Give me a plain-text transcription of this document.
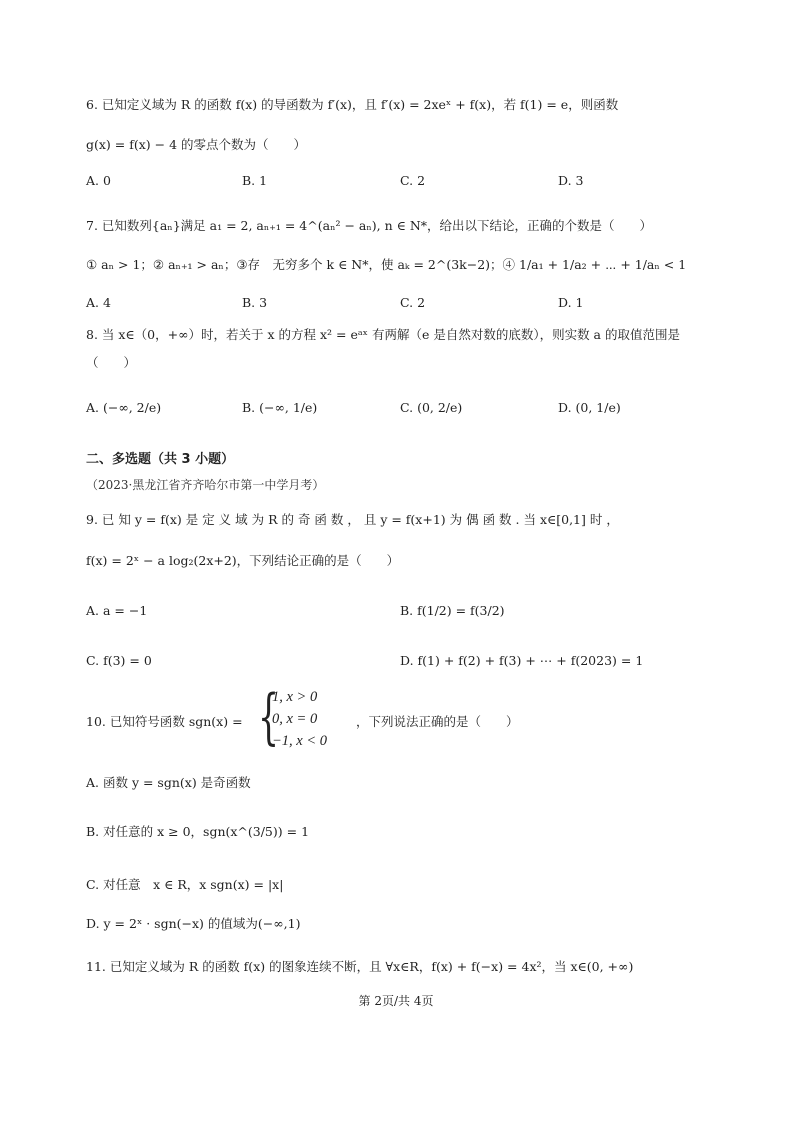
6. 已知定义域为 R 的函数 f(x) 的导函数为 f′(x)，且 f′(x) = 2xeˣ + f(x)，若 f(1) = e，则函数
g(x) = f(x) − 4 的零点个数为（　　）
A. 0	B. 1	C. 2	D. 3
7. 已知数列{aₙ}满足 a₁ = 2, aₙ₊₁ = 4^(aₙ² − aₙ), n ∈ N*，给出以下结论，正确的个数是（　　）
① aₙ > 1；② aₙ₊₁ > aₙ；③存　无穷多个 k ∈ N*，使 aₖ = 2^(3k−2)；④ 1/a₁ + 1/a₂ + ⋯ + 1/aₙ < 1
A. 4	B. 3	C. 2	D. 1
8. 当 x∈（0，+∞）时，若关于 x 的方程 x² = eᵃˣ 有两解（e 是自然对数的底数），则实数 a 的取值范围是
（　　）
A. (−∞, 2/e)	B. (−∞, 1/e)	C. (0, 2/e)	D. (0, 1/e)
二、多选题（共 3 小题）
（2023·黑龙江省齐齐哈尔市第一中学月考）
9. 已 知 y = f(x) 是 定 义 域 为 R 的 奇 函 数 ， 且 y = f(x+1) 为 偶 函 数 . 当 x∈[0,1] 时 ，
f(x) = 2ˣ − a log₂(2x+2)，下列结论正确的是（　　）
A. a = −1	B. f(1/2) = f(3/2)
C. f(3) = 0	D. f(1) + f(2) + f(3) + ⋯ + f(2023) = 1
10. 已知符号函数 sgn(x) = {
1, x > 0
0, x = 0
−1, x < 0
，下列说法正确的是（　　）
A. 函数 y = sgn(x) 是奇函数
B. 对任意的 x ≥ 0，sgn(x^(3/5)) = 1
C. 对任意　x ∈ R，x sgn(x) = |x|
D. y = 2ˣ · sgn(−x) 的值域为(−∞,1)
11. 已知定义域为 R 的函数 f(x) 的图象连续不断，且 ∀x∈R，f(x) + f(−x) = 4x²，当 x∈(0, +∞)
第 2页/共 4页
